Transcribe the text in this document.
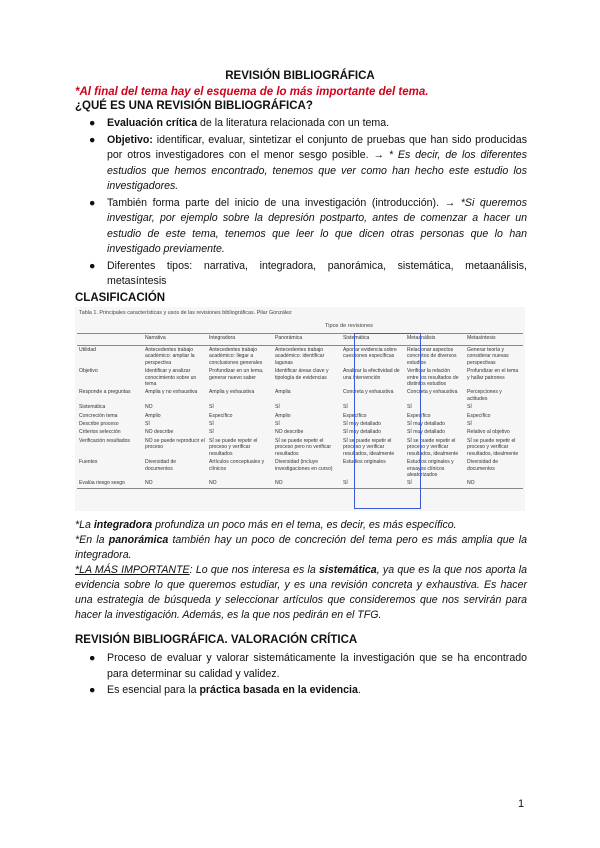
REVISIÓN BIBLIOGRÁFICA
*Al final del tema hay el esquema de lo más importante del tema.
¿QUÉ ES UNA REVISIÓN BIBLIOGRÁFICA?
● Evaluación crítica de la literatura relacionada con un tema.
● Objetivo: identificar, evaluar, sintetizar el conjunto de pruebas que han sido producidas por otros investigadores con el menor sesgo posible. → * Es decir, de los diferentes estudios que hemos encontrado, tenemos que ver como han hecho este estudio los investigadores.
● También forma parte del inicio de una investigación (introducción). → *Si queremos investigar, por ejemplo sobre la depresión postparto, antes de comenzar a hacer un estudio de este tema, tenemos que leer lo que dicen otras personas que lo han investigado previamente.
● Diferentes tipos: narrativa, integradora, panorámica, sistemática, metaanálisis, metasíntesis
CLASIFICACIÓN
Tabla 1. Principales características y usos de las revisiones bibliográficas. Pilar González
Tipos de revisiones
	Narrativa	Integradora	Panorámica	Sistemática	Metaanálisis	Metasíntesis
Utilidad	Antecedentes trabajo académico: ampliar la perspectiva	Antecedentes trabajo académico: llegar a conclusiones generales	Antecedentes trabajo académico: identificar lagunas	Aportar evidencia sobre cuestiones específicas	Relacionar aspectos concretos de diversos estudios	Generar teoría y considerar nuevas perspectivas
Objetivo	Identificar y analizar conocimiento sobre un tema	Profundizar en un tema, generar nuevo saber	Identificar áreas clave y tipología de evidencias	Analizar la efectividad de una intervención	Verificar la relación entre los resultados de distintos estudios	Profundizar en el tema y hallar patrones
Responde a preguntas	Amplia y no exhaustiva	Amplia y exhaustiva	Amplia	Concreta y exhaustiva	Concreta y exhaustiva	Percepciones y actitudes
Sistemática	NO	SÍ	SÍ	SÍ	SÍ	SÍ
Concreción tema	Amplio	Específico	Amplio	Específico	Específico	Específico
Describe proceso	SÍ	SÍ	SÍ	SÍ muy detallado	SÍ muy detallado	SÍ
Criterios selección	NO describe	SÍ	NO describe	SÍ muy detallado	SÍ muy detallado	Relativo al objetivo
Verificación resultados	NO se puede reproducir el proceso	SÍ se puede repetir el proceso y verificar resultados	SÍ se puede repetir el proceso pero no verificar resultados	SÍ se puede repetir el proceso y verificar resultados, idealmente	SÍ se puede repetir el proceso y verificar resultados, idealmente	SÍ se puede repetir el proceso y verificar resultados, idealmente
Fuentes	Diversidad de documentos	Artículos conceptuales y clínicos	Diversidad (incluye investigaciones en curso)	Estudios originales	Estudios originales y ensayos clínicos aleatorizados	Diversidad de documentos
Evalúa riesgo sesgo	NO	NO	NO	SÍ	SÍ	NO
*La integradora profundiza un poco más en el tema, es decir, es más específico.
*En la panorámica también hay un poco de concreción del tema pero es más amplia que la integradora.
*LA MÁS IMPORTANTE: Lo que nos interesa es la sistemática, ya que es la que nos aporta la evidencia sobre lo que queremos estudiar, y es una revisión concreta y exhaustiva. Es hacer una estrategia de búsqueda y seleccionar artículos que consideremos que nos servirán para hacer la investigación. Además, es la que nos pedirán en el TFG.
REVISIÓN BIBLIOGRÁFICA. VALORACIÓN CRÍTICA
● Proceso de evaluar y valorar sistemáticamente la investigación que se ha encontrado para determinar su calidad y validez.
● Es esencial para la práctica basada en la evidencia.
1
